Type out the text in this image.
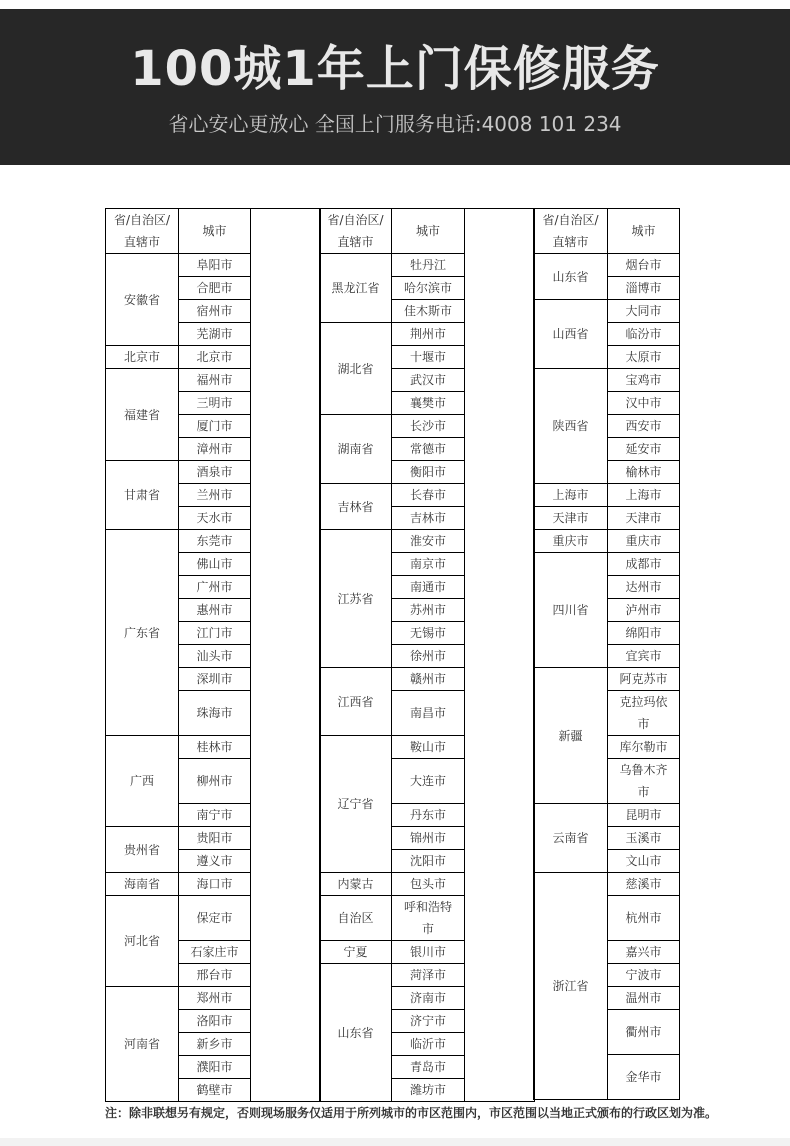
100城1年上门保修服务
省心安心更放心 全国上门服务电话:4008 101 234
省/自治区/直辖市	城市	
安徽省	阜阳市	
	合肥市	
	宿州市	
	芜湖市	
北京市	北京市	
福建省	福州市	
	三明市	
	厦门市	
	漳州市	
甘肃省	酒泉市	
	兰州市	
	天水市	
广东省	东莞市	
	佛山市	
	广州市	
	惠州市	
	江门市	
	汕头市	
	深圳市	
	珠海市	
广西	桂林市	
	柳州市	
	南宁市	
贵州省	贵阳市	
	遵义市	
海南省	海口市	
河北省	保定市	
	石家庄市	
	邢台市	
河南省	郑州市	
	洛阳市	
	新乡市	
	濮阳市	
	鹤壁市	
省/自治区/直辖市	城市	
黑龙江省	牡丹江	
	哈尔滨市	
	佳木斯市	
湖北省	荆州市	
	十堰市	
	武汉市	
	襄樊市	
湖南省	长沙市	
	常德市	
	衡阳市	
吉林省	长春市	
	吉林市	
江苏省	淮安市	
	南京市	
	南通市	
	苏州市	
	无锡市	
	徐州市	
江西省	赣州市	
	南昌市	
辽宁省	鞍山市	
	大连市	
	丹东市	
	锦州市	
	沈阳市	
内蒙古	包头市	
自治区	呼和浩特市	
宁夏	银川市	
山东省	菏泽市	
	济南市	
	济宁市	
	临沂市	
	青岛市	
	潍坊市	
省/自治区/直辖市	城市
山东省	烟台市
	淄博市
山西省	大同市
	临汾市
	太原市
陕西省	宝鸡市
	汉中市
	西安市
	延安市
	榆林市
上海市	上海市
天津市	天津市
重庆市	重庆市
四川省	成都市
	达州市
	泸州市
	绵阳市
	宜宾市
新疆	阿克苏市
	克拉玛依市
	库尔勒市
	乌鲁木齐市
云南省	昆明市
	玉溪市
	文山市
浙江省	慈溪市
	杭州市
	嘉兴市
	宁波市
	温州市
	衢州市
	金华市
注：除非联想另有规定，否则现场服务仅适用于所列城市的市区范围内，市区范围以当地正式颁布的行政区划为准。
